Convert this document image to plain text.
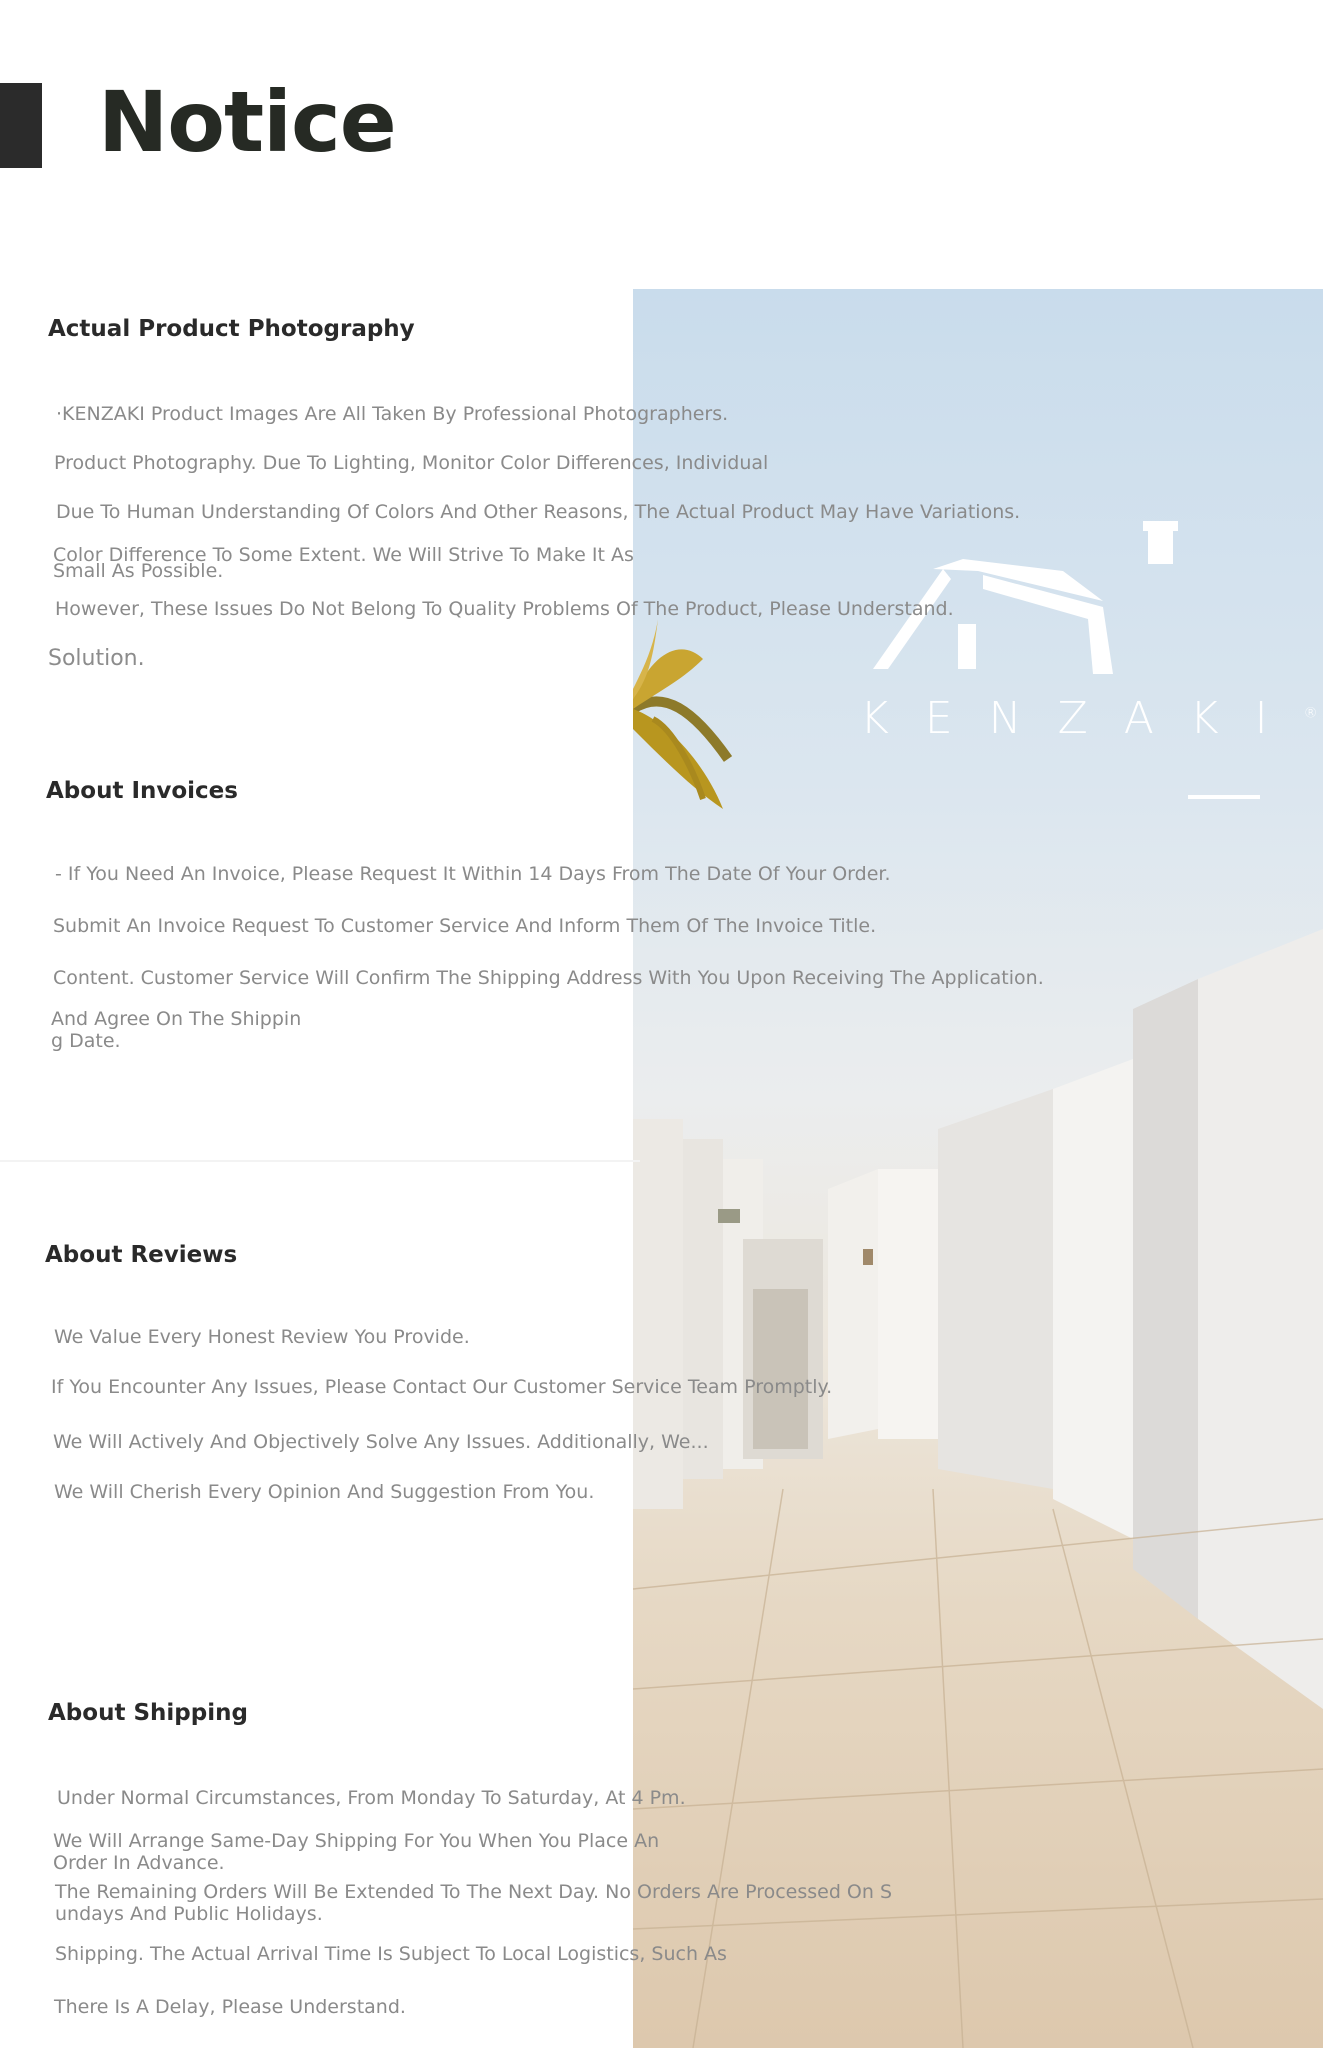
Notice
KENZAKI®
Actual Product Photography
·KENZAKI Product Images Are All Taken By Professional Photographers.
Product Photography. Due To Lighting, Monitor Color Differences, Individual
Due To Human Understanding Of Colors And Other Reasons, The Actual Product May Have Variations.
Color Difference To Some Extent. We Will Strive To Make It As
Small As Possible.
However, These Issues Do Not Belong To Quality Problems Of The Product, Please Understand.
Solution.
About Invoices
- If You Need An Invoice, Please Request It Within 14 Days From The Date Of Your Order.
Submit An Invoice Request To Customer Service And Inform Them Of The Invoice Title.
Content. Customer Service Will Confirm The Shipping Address With You Upon Receiving The Application.
And Agree On The Shippin
g Date.
About Reviews
We Value Every Honest Review You Provide.
If You Encounter Any Issues, Please Contact Our Customer Service Team Promptly.
We Will Actively And Objectively Solve Any Issues. Additionally, We...
We Will Cherish Every Opinion And Suggestion From You.
About Shipping
Under Normal Circumstances, From Monday To Saturday, At 4 Pm.
We Will Arrange Same-Day Shipping For You When You Place An
Order In Advance.
The Remaining Orders Will Be Extended To The Next Day. No Orders Are Processed On S
undays And Public Holidays.
Shipping. The Actual Arrival Time Is Subject To Local Logistics, Such As
There Is A Delay, Please Understand.
